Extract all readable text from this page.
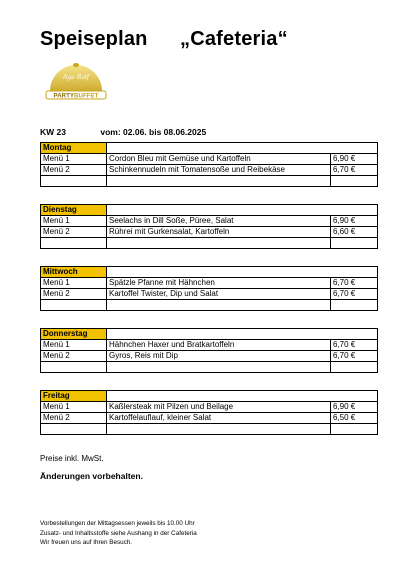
Speiseplan „Cafeteria“
Aga Rolf
PARTYBUFFET
KW 23	vom: 02.06. bis 08.06.2025
Montag
Menü 1	Cordon Bleu mit Gemüse und Kartoffeln	6,90 €
Menü 2	Schinkennudeln mit Tomatensoße und Reibekäse	6,70 €
Dienstag
Menü 1	Seelachs in Dill Soße, Püree, Salat	6,90 €
Menü 2	Rührei mit Gurkensalat, Kartoffeln	6,60 €
Mittwoch
Menü 1	Spätzle Pfanne mit Hähnchen	6,70 €
Menü 2	Kartoffel Twister, Dip und Salat	6,70 €
Donnerstag
Menü 1	Hähnchen Haxer und Bratkartoffeln	6,70 €
Menü 2	Gyros, Reis mit Dip	6,70 €
Freitag
Menü 1	Kaßlersteak mit Pilzen und Beilage	6,90 €
Menü 2	Kartoffelauflauf, kleiner Salat	6,50 €
Preise inkl. MwSt.
Änderungen vorbehalten.
Vorbestellungen der Mittagsessen jeweils bis 10.00 Uhr
Zusatz- und Inhaltsstoffe siehe Aushang in der Cafeteria
Wir freuen uns auf Ihren Besuch.
